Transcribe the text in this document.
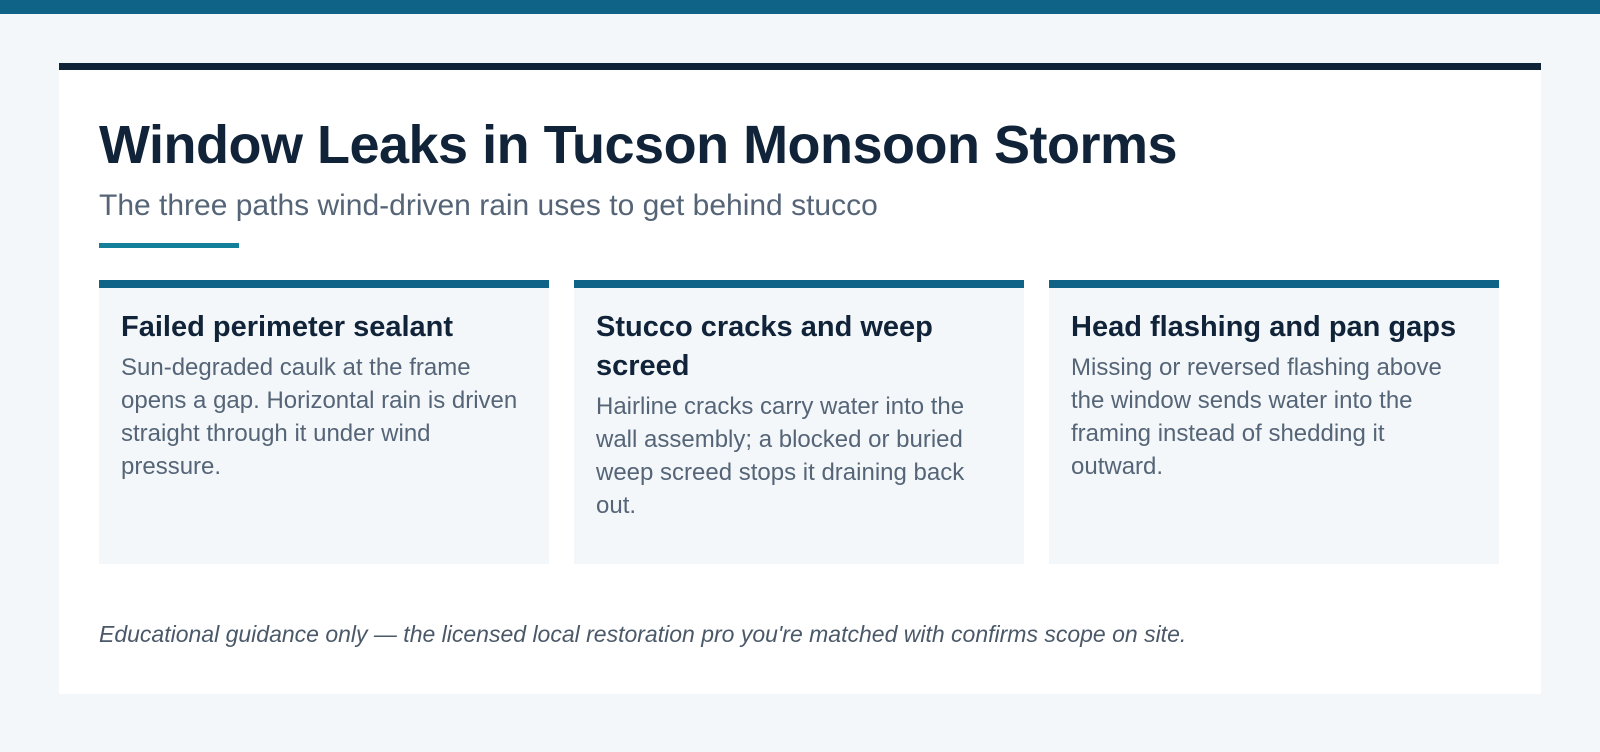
Window Leaks in Tucson Monsoon Storms

The three paths wind-driven rain uses to get behind stucco

Failed perimeter sealant

Sun-degraded caulk at the frame opens a gap. Horizontal rain is driven straight through it under wind pressure.

Stucco cracks and weep screed

Hairline cracks carry water into the wall assembly; a blocked or buried weep screed stops it draining back out.

Head flashing and pan gaps

Missing or reversed flashing above the window sends water into the framing instead of shedding it outward.

Educational guidance only — the licensed local restoration pro you're matched with confirms scope on site.
